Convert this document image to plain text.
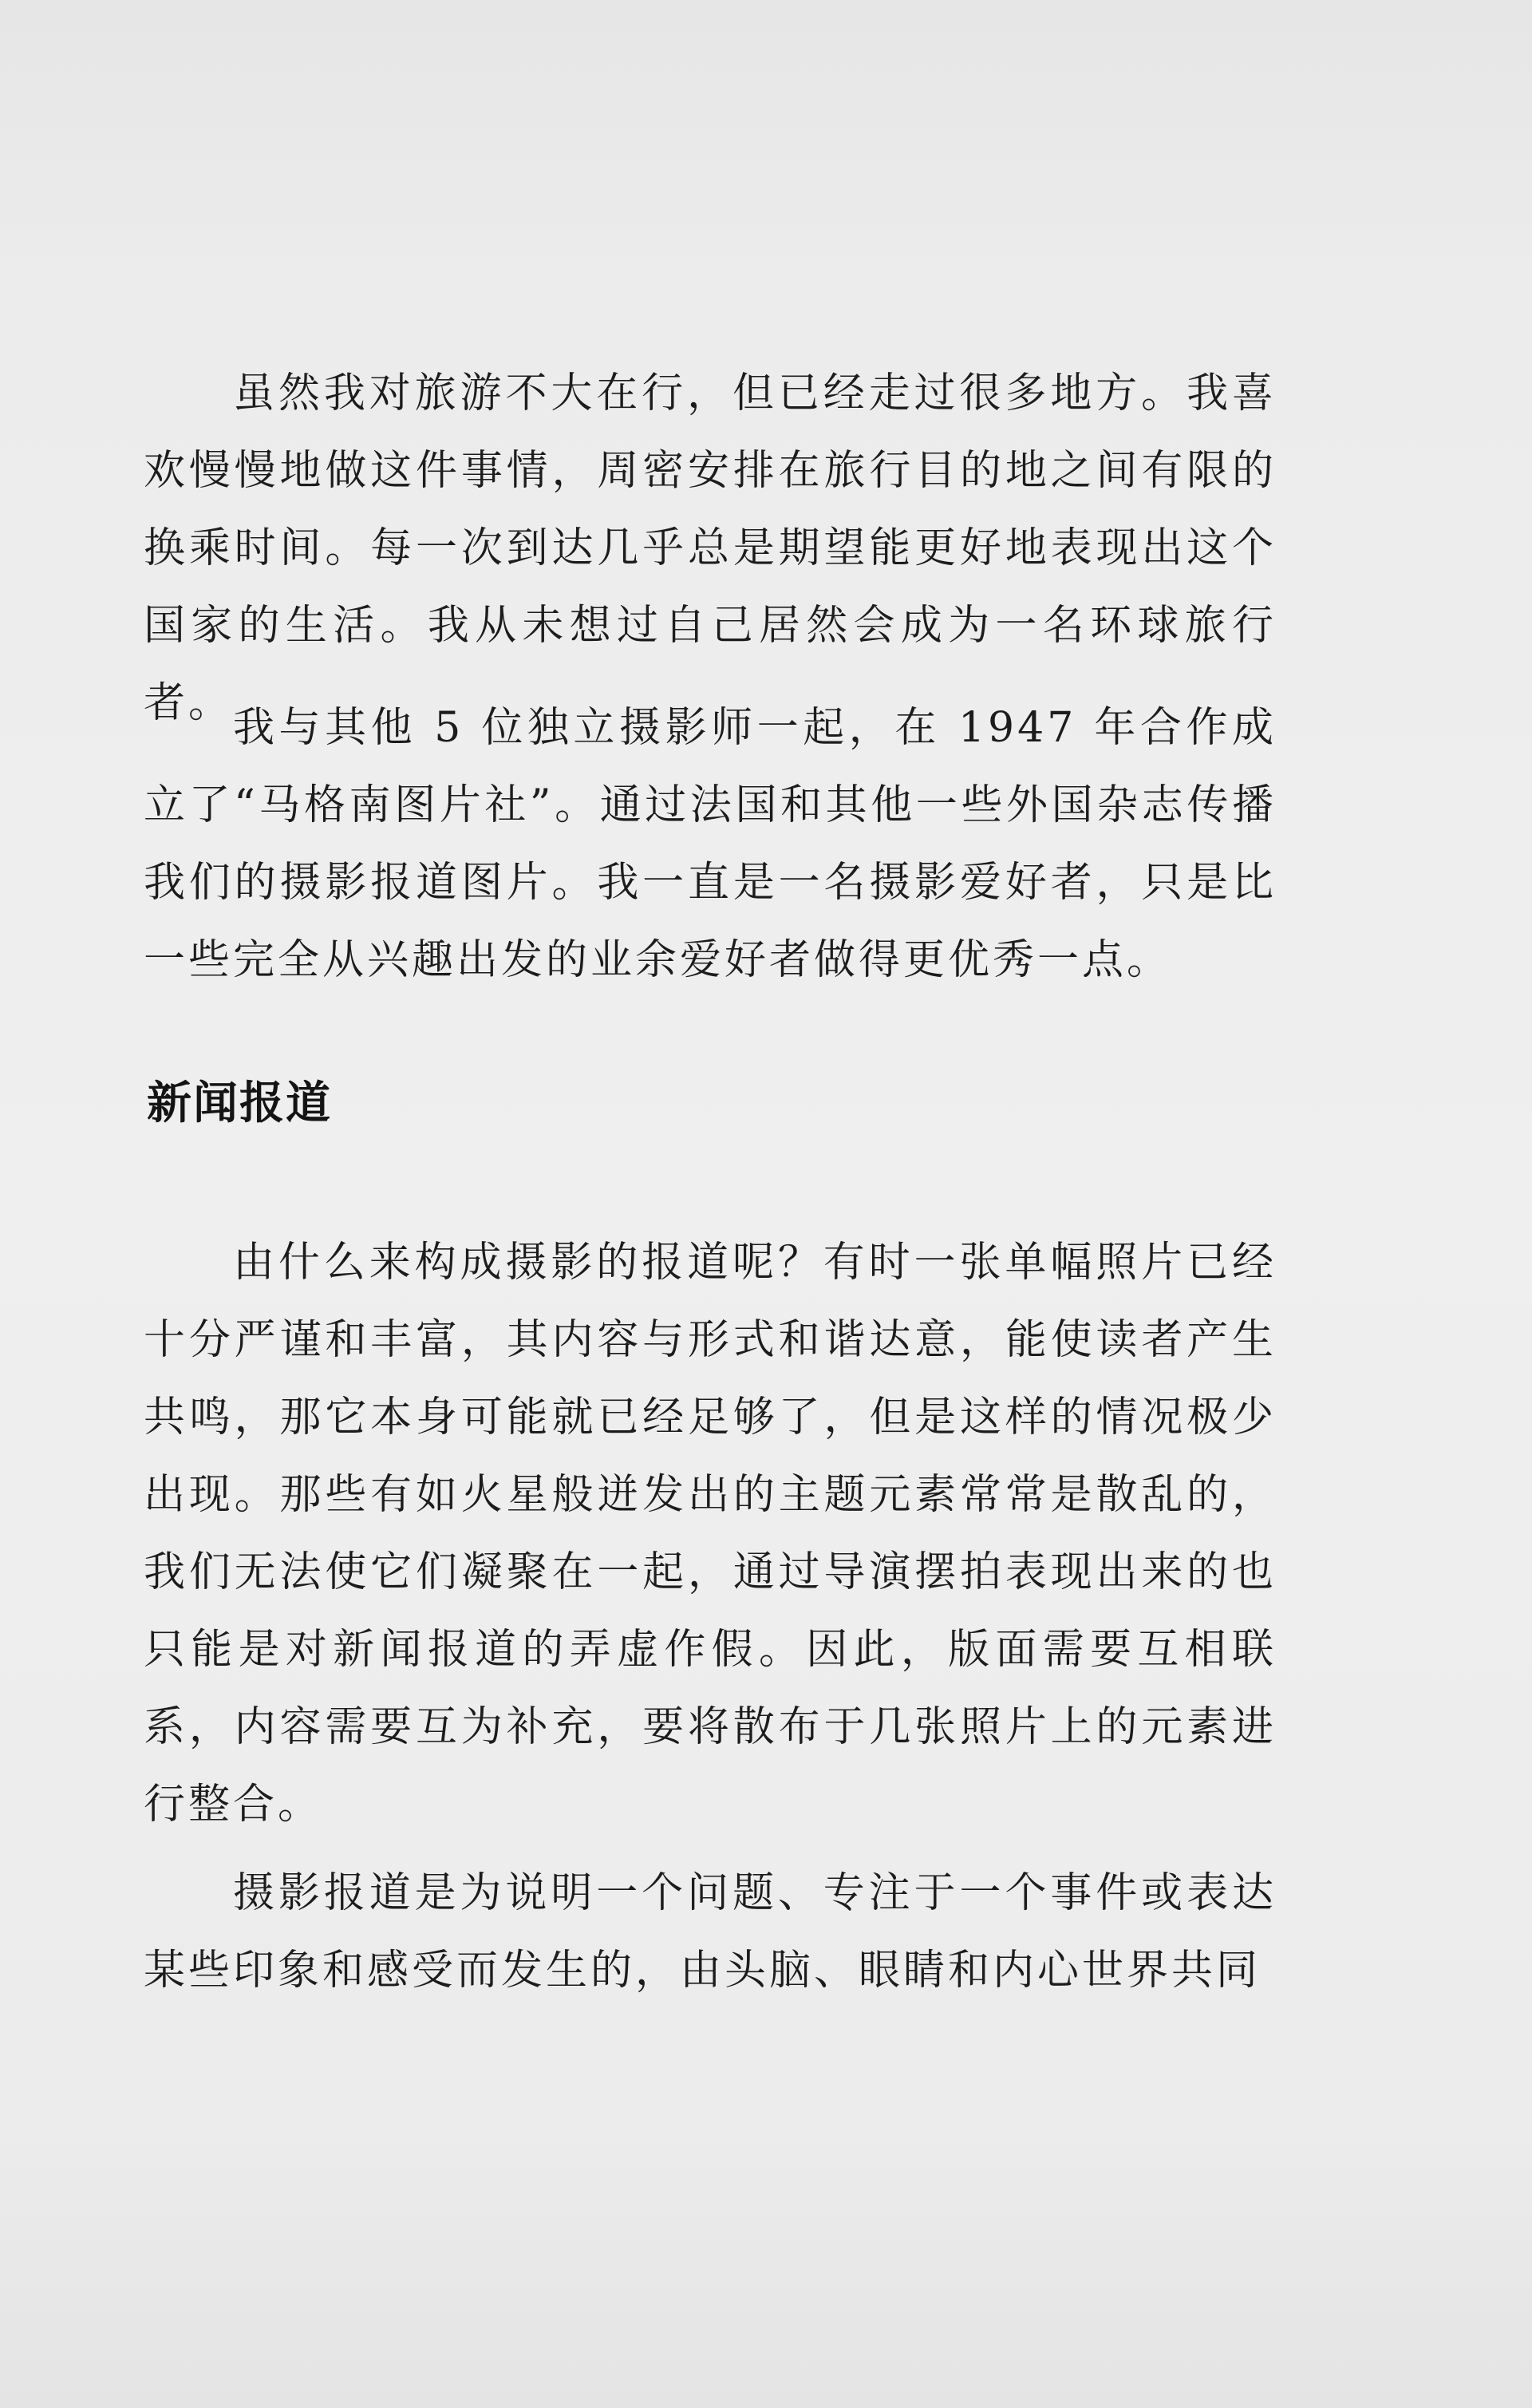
虽然我对旅游不大在行，但已经走过很多地方。我喜欢慢慢地做这件事情，周密安排在旅行目的地之间有限的换乘时间。每一次到达几乎总是期望能更好地表现出这个国家的生活。我从未想过自己居然会成为一名环球旅行者。

我与其他 5 位独立摄影师一起，在 1947 年合作成立了“马格南图片社”。通过法国和其他一些外国杂志传播我们的摄影报道图片。我一直是一名摄影爱好者，只是比一些完全从兴趣出发的业余爱好者做得更优秀一点。

新闻报道

由什么来构成摄影的报道呢？有时一张单幅照片已经十分严谨和丰富，其内容与形式和谐达意，能使读者产生共鸣，那它本身可能就已经足够了，但是这样的情况极少出现。那些有如火星般迸发出的主题元素常常是散乱的，我们无法使它们凝聚在一起，通过导演摆拍表现出来的也只能是对新闻报道的弄虚作假。因此，版面需要互相联系，内容需要互为补充，要将散布于几张照片上的元素进行整合。

摄影报道是为说明一个问题、专注于一个事件或表达某些印象和感受而发生的，由头脑、眼睛和内心世界共同
